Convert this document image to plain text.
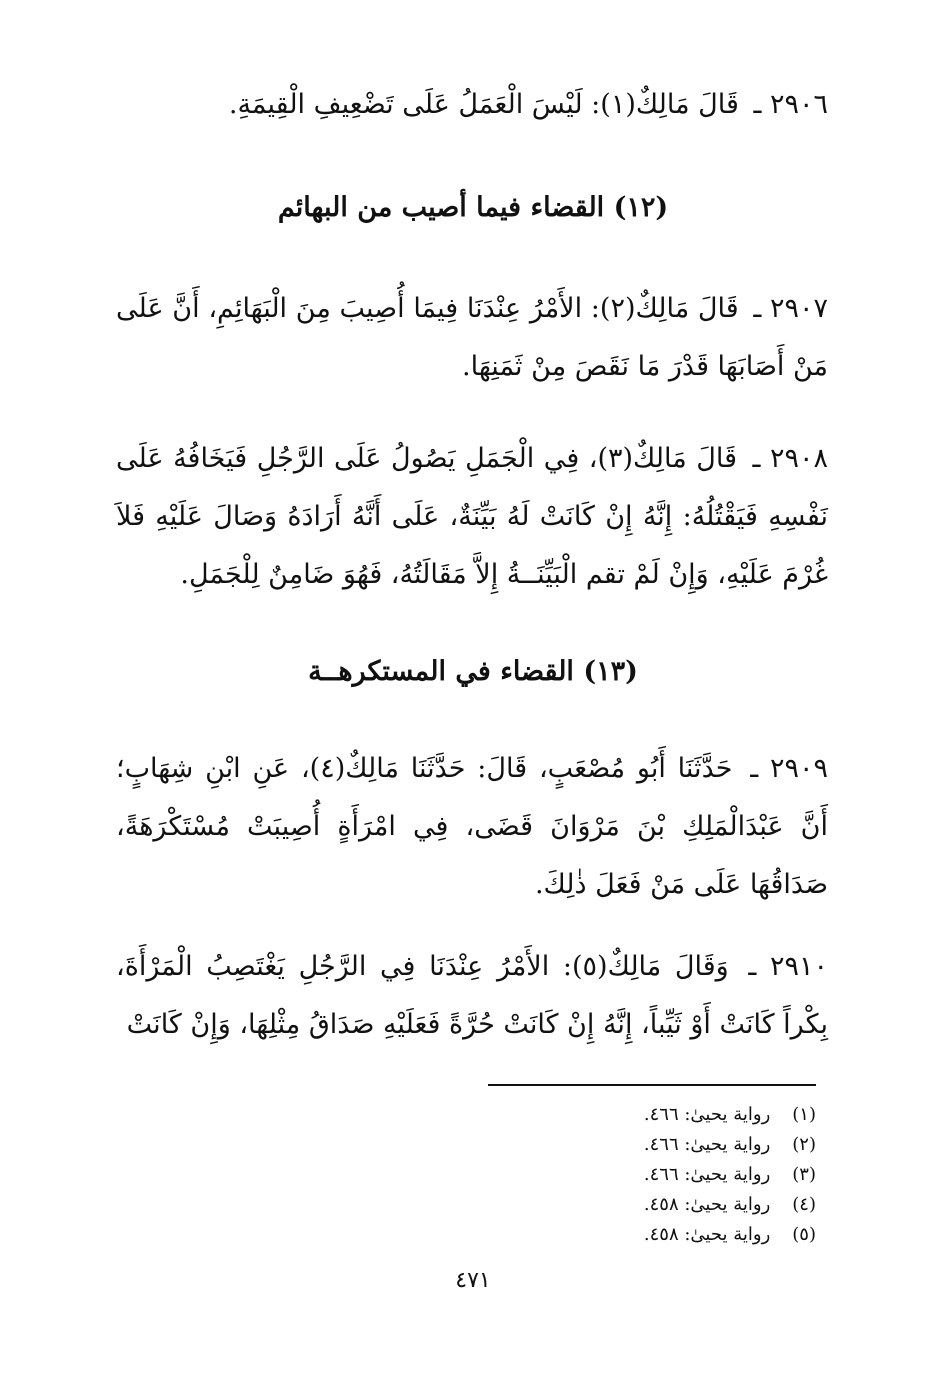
٢٩٠٦ ـ قَالَ مَالِكٌ(١): لَيْسَ الْعَمَلُ عَلَى تَضْعِيفِ الْقِيمَةِ.

(١٢) القضاء فيما أصيب من البهائم

٢٩٠٧ ـ قَالَ مَالِكٌ(٢): الأَمْرُ عِنْدَنَا فِيمَا أُصِيبَ مِنَ الْبَهَائِمِ، أَنَّ عَلَى مَنْ أَصَابَهَا قَدْرَ مَا نَقَصَ مِنْ ثَمَنِهَا.

٢٩٠٨ ـ قَالَ مَالِكٌ(٣)، فِي الْجَمَلِ يَصُولُ عَلَى الرَّجُلِ فَيَخَافُهُ عَلَى نَفْسِهِ فَيَقْتُلُهُ: إِنَّهُ إِنْ كَانَتْ لَهُ بَيِّنَةٌ، عَلَى أَنَّهُ أَرَادَهُ وَصَالَ عَلَيْهِ فَلاَ غُرْمَ عَلَيْهِ، وَإِنْ لَمْ تقم الْبَيِّنَــةُ إِلاَّ مَقَالَتُهُ، فَهُوَ ضَامِنٌ لِلْجَمَلِ.

(١٣) القضاء في المستكرهــة

٢٩٠٩ ـ حَدَّثَنَا أَبُو مُصْعَبٍ، قَالَ: حَدَّثَنَا مَالِكٌ(٤)، عَنِ ابْنِ شِهَابٍ؛ أَنَّ عَبْدَالْمَلِكِ بْنَ مَرْوَانَ قَضَى، فِي امْرَأَةٍ أُصِيبَتْ مُسْتَكْرَهَةً، صَدَاقُهَا عَلَى مَنْ فَعَلَ ذٰلِكَ.

٢٩١٠ ـ وَقَالَ مَالِكٌ(٥): الأَمْرُ عِنْدَنَا فِي الرَّجُلِ يَغْتَصِبُ الْمَرْأَةَ، بِكْراً كَانَتْ أَوْ ثَيِّباً، إِنَّهُ إِنْ كَانَتْ حُرَّةً فَعَلَيْهِ صَدَاقُ مِثْلِهَا، وَإِنْ كَانَتْ

(١) رواية يحيىٰ: ٤٦٦.
(٢) رواية يحيىٰ: ٤٦٦.
(٣) رواية يحيىٰ: ٤٦٦.
(٤) رواية يحيىٰ: ٤٥٨.
(٥) رواية يحيىٰ: ٤٥٨.
٤٧١
